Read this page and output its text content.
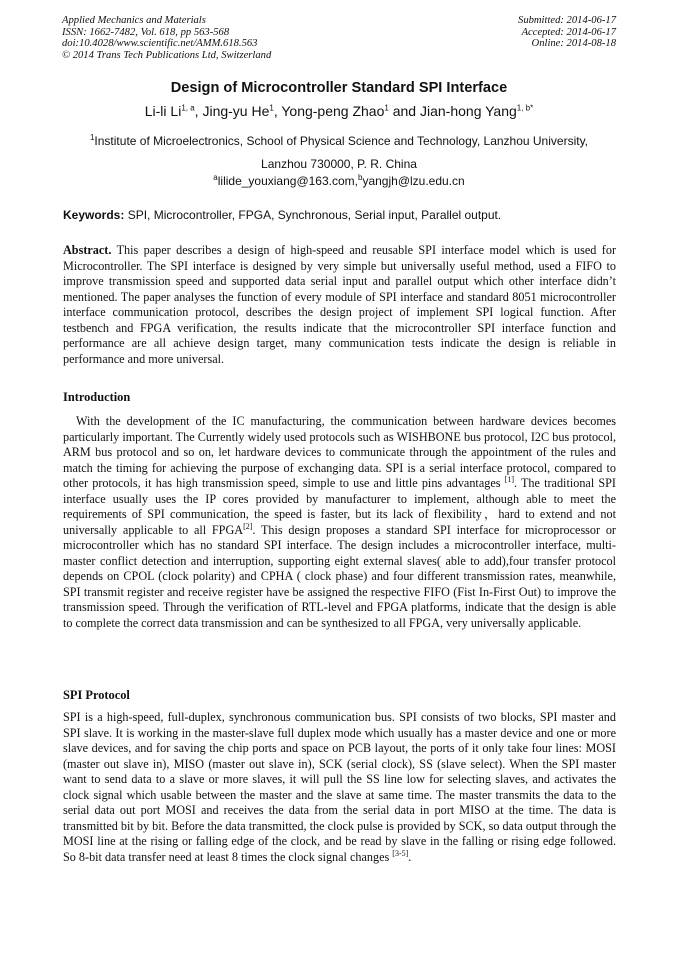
Applied Mechanics and Materials
ISSN: 1662-7482, Vol. 618, pp 563-568
doi:10.4028/www.scientific.net/AMM.618.563
© 2014 Trans Tech Publications Ltd, Switzerland
Submitted: 2014-06-17
Accepted: 2014-06-17
Online: 2014-08-18
Design of Microcontroller Standard SPI Interface
Li-li Li$^{1, a}$, Jing-yu He$^1$, Yong-peng Zhao$^1$ and Jian-hong Yang$^{1, b*}$
$^1$Institute of Microelectronics, School of Physical Science and Technology, Lanzhou University,
Lanzhou 730000, P. R. China
$^a$lilide_youxiang@163.com,$^b$yangjh@lzu.edu.cn
Keywords: SPI, Microcontroller, FPGA, Synchronous, Serial input, Parallel output.

Abstract. This paper describes a design of high-speed and reusable SPI interface model which is used for Microcontroller. The SPI interface is designed by very simple but universally useful method, used a FIFO to improve transmission speed and supported data serial input and parallel output which other interface didn’t mentioned. The paper analyses the function of every module of SPI interface and standard 8051 microcontroller interface communication protocol, describes the design project of implement SPI logical function. After testbench and FPGA verification, the results indicate that the microcontroller SPI interface function and performance are all achieve design target, many communication tests indicate the design is reliable in performance and more universal.

Introduction

With the development of the IC manufacturing, the communication between hardware devices becomes particularly important. The Currently widely used protocols such as WISHBONE bus protocol, I2C bus protocol, ARM bus protocol and so on, let hardware devices to communicate through the appointment of the rules and match the timing for achieving the purpose of exchanging data. SPI is a serial interface protocol, compared to other protocols, it has high transmission speed, simple to use and little pins advantages [1]. The traditional SPI interface usually uses the IP cores provided by manufacturer to implement, although able to meet the requirements of SPI communication, the speed is faster, but its lack of flexibility，hard to extend and not universally applicable to all FPGA[2]. This design proposes a standard SPI interface for microprocessor or microcontroller which has no standard SPI interface. The design includes a microcontroller interface, multi-master conflict detection and interruption, supporting eight external slaves( able to add),four transfer protocol depends on CPOL (clock polarity) and CPHA ( clock phase) and four different transmission rates, meanwhile, SPI transmit register and receive register have be assigned the respective FIFO (Fist In-First Out) to improve the transmission speed. Through the verification of RTL-level and FPGA platforms, indicate that the design is able to complete the correct data transmission and can be synthesized to all FPGA, very universally applicable.

SPI Protocol

SPI is a high-speed, full-duplex, synchronous communication bus. SPI consists of two blocks, SPI master and SPI slave. It is working in the master-slave full duplex mode which usually has a master device and one or more slave devices, and for saving the chip ports and space on PCB layout, the ports of it only take four lines: MOSI (master out slave in), MISO (master out slave in), SCK (serial clock), SS (slave select). When the SPI master want to send data to a slave or more slaves, it will pull the SS line low for selecting slaves, and activates the clock signal which usable between the master and the slave at same time. The master transmits the data to the serial data out port MOSI and receives the data from the serial data in port MISO at the time. The data is transmitted bit by bit. Before the data transmitted, the clock pulse is provided by SCK, so data output through the MOSI line at the rising or falling edge of the clock, and be read by slave in the falling or rising edge followed. So 8-bit data transfer need at least 8 times the clock signal changes [3-5].
